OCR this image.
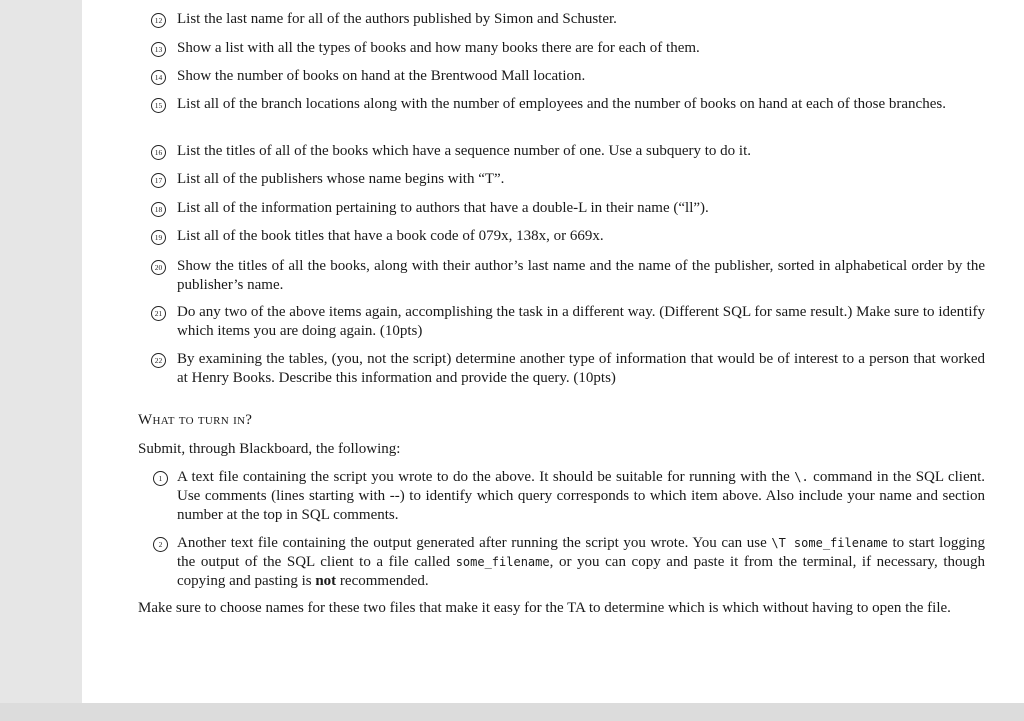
12 List the last name for all of the authors published by Simon and Schuster.
13 Show a list with all the types of books and how many books there are for each of them.
14 Show the number of books on hand at the Brentwood Mall location.
15 List all of the branch locations along with the number of employees and the number of books on hand at each of those branches.
16 List the titles of all of the books which have a sequence number of one. Use a subquery to do it.
17 List all of the publishers whose name begins with “T”.
18 List all of the information pertaining to authors that have a double-L in their name (“ll”).
19 List all of the book titles that have a book code of 079x, 138x, or 669x.
20 Show the titles of all the books, along with their author’s last name and the name of the publisher, sorted in alphabetical order by the publisher’s name.
21 Do any two of the above items again, accomplishing the task in a different way. (Different SQL for same result.) Make sure to identify which items you are doing again. (10pts)
22 By examining the tables, (you, not the script) determine another type of information that would be of interest to a person that worked at Henry Books. Describe this information and provide the query. (10pts)
What to turn in?
Submit, through Blackboard, the following:
1 A text file containing the script you wrote to do the above. It should be suitable for running with the \. command in the SQL client. Use comments (lines starting with --) to identify which query corresponds to which item above. Also include your name and section number at the top in SQL comments.
2 Another text file containing the output generated after running the script you wrote. You can use \T some_filename to start logging the output of the SQL client to a file called some_filename, or you can copy and paste it from the terminal, if necessary, though copying and pasting is not recommended.
Make sure to choose names for these two files that make it easy for the TA to determine which is which without having to open the file.
